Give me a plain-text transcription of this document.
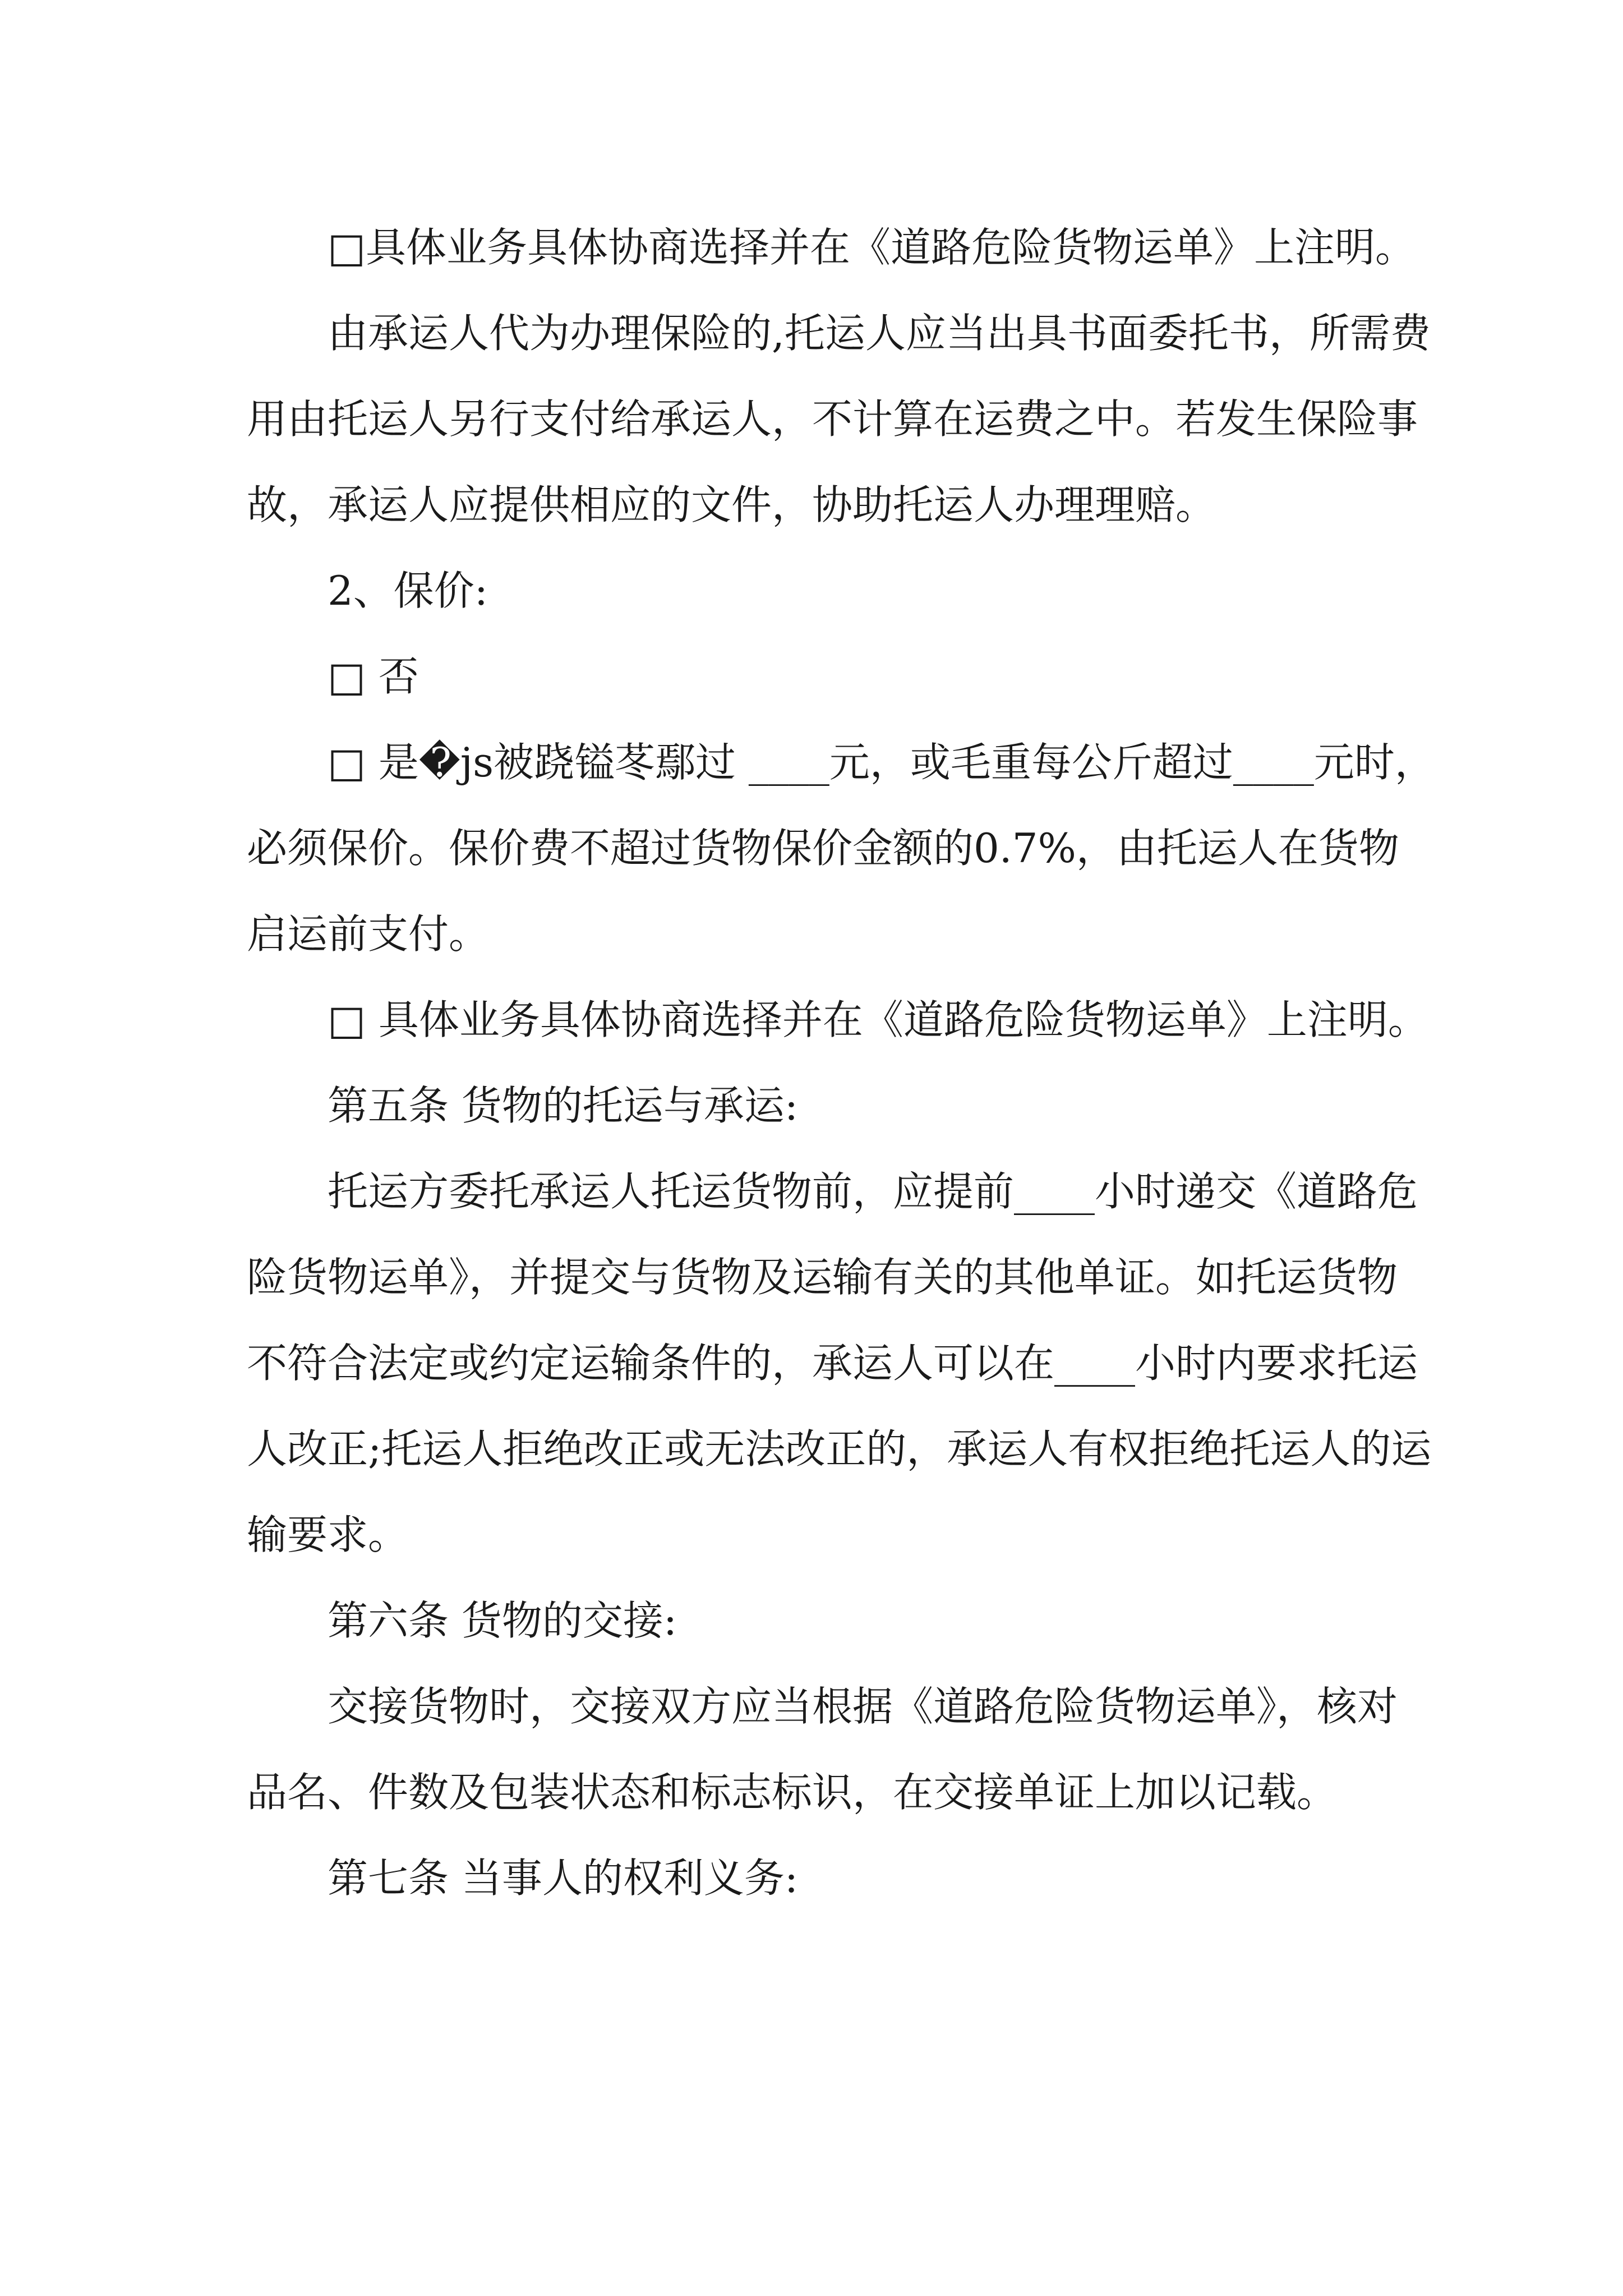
□具体业务具体协商选择并在《道路危险货物运单》上注明。

由承运人代为办理保险的,托运人应当出具书面委托书，所需费用由托运人另行支付给承运人，不计算在运费之中。若发生保险事故，承运人应提供相应的文件，协助托运人办理理赔。

2、保价:

□ 否

□ 是�js被跷镒苳鄢过 ____元，或毛重每公斤超过____元时，必须保价。保价费不超过货物保价金额的0.7%，由托运人在货物启运前支付。

□ 具体业务具体协商选择并在《道路危险货物运单》上注明。

第五条 货物的托运与承运:

托运方委托承运人托运货物前，应提前____小时递交《道路危险货物运单》，并提交与货物及运输有关的其他单证。如托运货物不符合法定或约定运输条件的，承运人可以在____小时内要求托运人改正;托运人拒绝改正或无法改正的，承运人有权拒绝托运人的运输要求。

第六条 货物的交接:

交接货物时，交接双方应当根据《道路危险货物运单》，核对品名、件数及包装状态和标志标识，在交接单证上加以记载。

第七条 当事人的权利义务:
